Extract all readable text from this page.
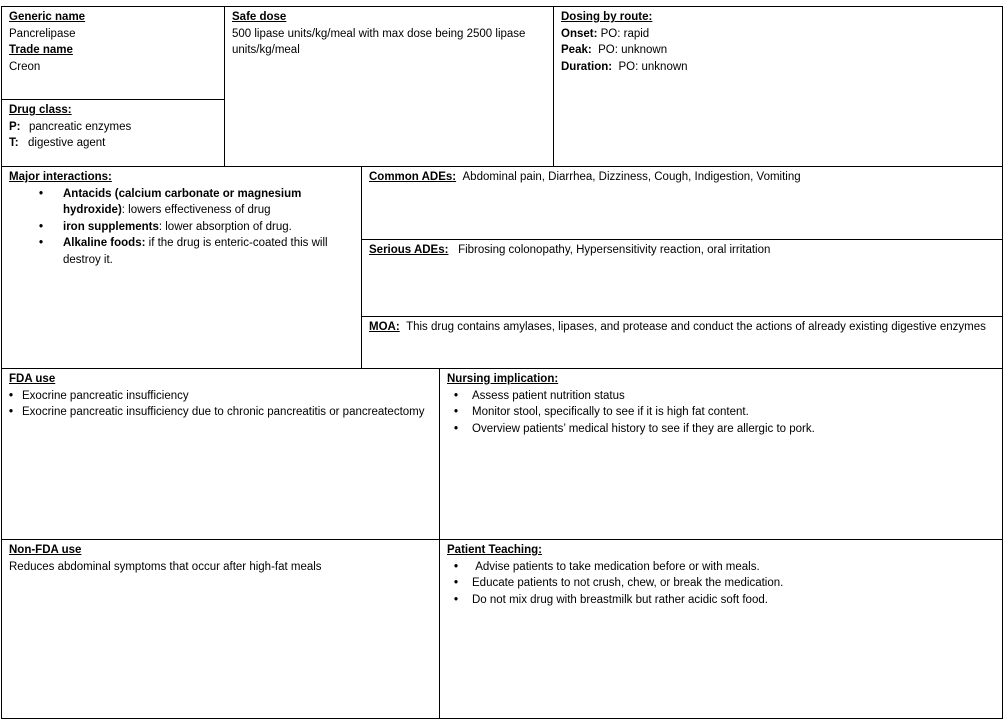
Generic name
Pancrelipase
Trade name
Creon
Drug class:
P: pancreatic enzymes
T: digestive agent
Safe dose
500 lipase units/kg/meal with max dose being 2500 lipase units/kg/meal
Dosing by route:
Onset: PO: rapid
Peak: PO: unknown
Duration: PO: unknown
Major interactions:
• Antacids (calcium carbonate or magnesium hydroxide): lowers effectiveness of drug
• iron supplements: lower absorption of drug.
• Alkaline foods: if the drug is enteric-coated this will destroy it.
Common ADEs: Abdominal pain, Diarrhea, Dizziness, Cough, Indigestion, Vomiting
Serious ADEs: Fibrosing colonopathy, Hypersensitivity reaction, oral irritation
MOA: This drug contains amylases, lipases, and protease and conduct the actions of already existing digestive enzymes
FDA use
• Exocrine pancreatic insufficiency
• Exocrine pancreatic insufficiency due to chronic pancreatitis or pancreatectomy
Nursing implication:
• Assess patient nutrition status
• Monitor stool, specifically to see if it is high fat content.
• Overview patients’ medical history to see if they are allergic to pork.
Non-FDA use
Reduces abdominal symptoms that occur after high-fat meals
Patient Teaching:
•  Advise patients to take medication before or with meals.
• Educate patients to not crush, chew, or break the medication.
• Do not mix drug with breastmilk but rather acidic soft food.
